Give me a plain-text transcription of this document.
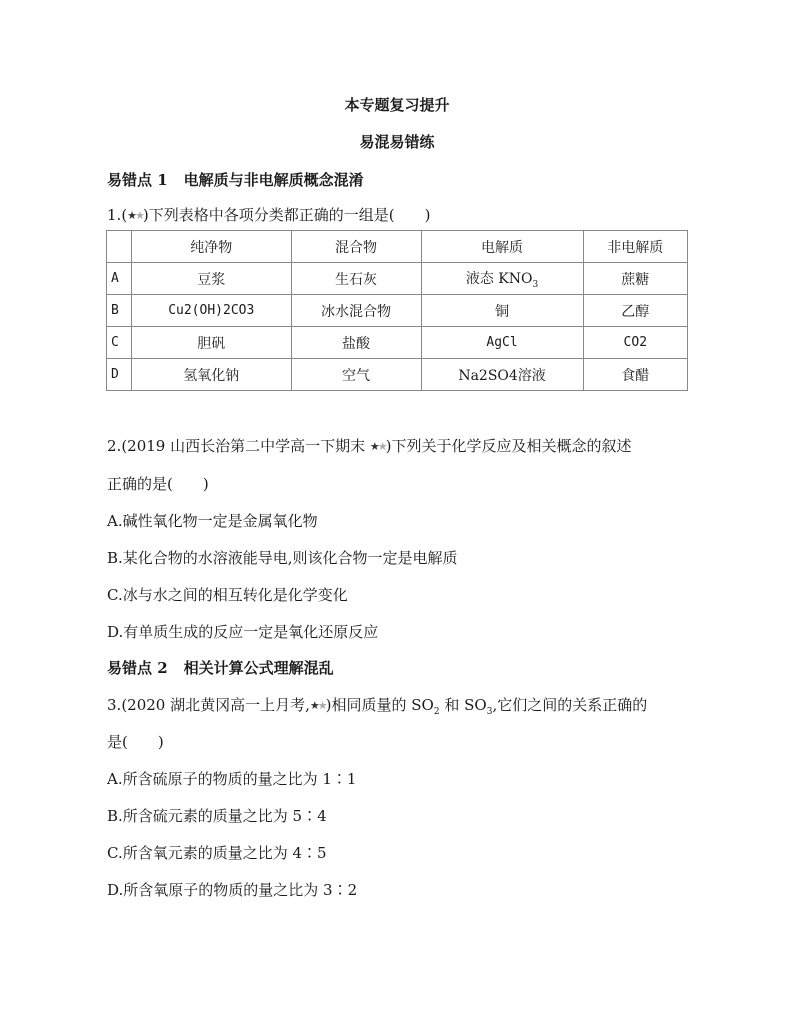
本专题复习提升
易混易错练
易错点 1 电解质与非电解质概念混淆
1.(★★)下列表格中各项分类都正确的一组是(　　)
	纯净物	混合物	电解质	非电解质
A	豆浆	生石灰	液态 $KNO_3$	蔗糖
B	Cu2(OH)2CO3	冰水混合物	铜	乙醇
C	胆矾	盐酸	AgCl	CO2
D	氢氧化钠	空气	Na2SO4溶液	食醋
2.(2019 山西长治第二中学高一下期末 ★★)下列关于化学反应及相关概念的叙述
正确的是(　　)
A.碱性氧化物一定是金属氧化物
B.某化合物的水溶液能导电,则该化合物一定是电解质
C.冰与水之间的相互转化是化学变化
D.有单质生成的反应一定是氧化还原反应
易错点 2 相关计算公式理解混乱
3.(2020 湖北黄冈高一上月考,★★)相同质量的 $SO_2$ 和 $SO_3$,它们之间的关系正确的
是(　　)
A.所含硫原子的物质的量之比为 1∶1
B.所含硫元素的质量之比为 5∶4
C.所含氧元素的质量之比为 4∶5
D.所含氧原子的物质的量之比为 3∶2
